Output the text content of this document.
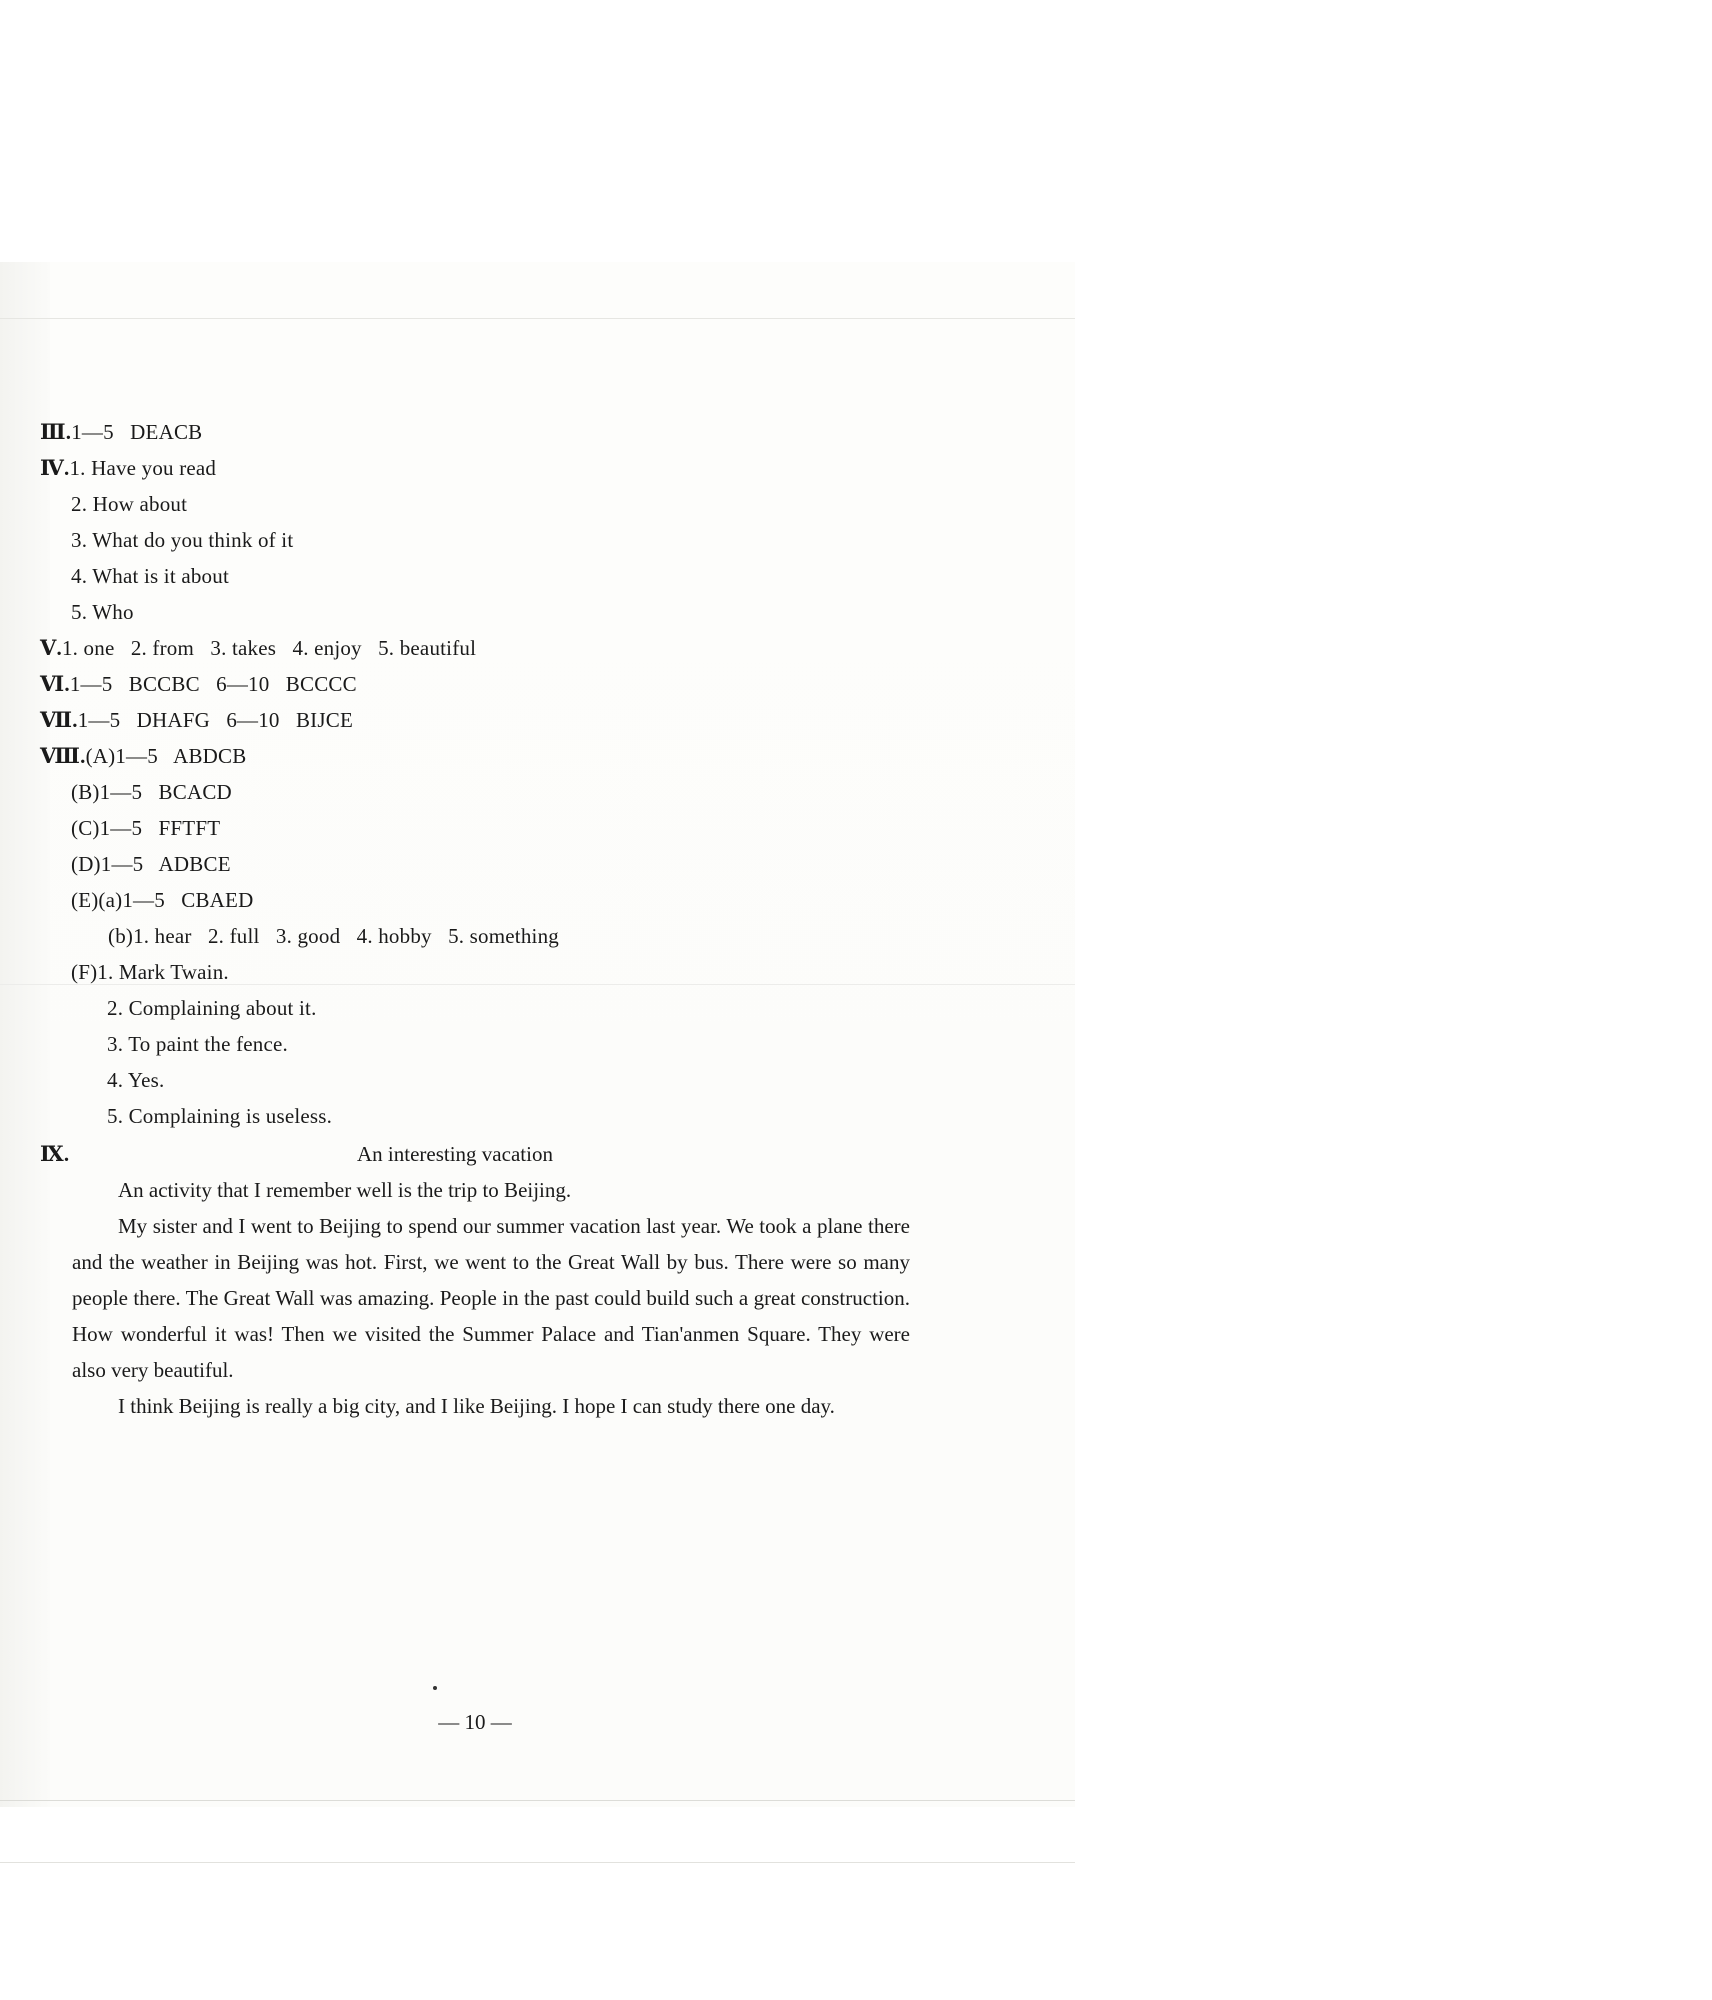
Ⅲ.1—5   DEACB
Ⅳ.1. Have you read
2. How about
3. What do you think of it
4. What is it about
5. Who
Ⅴ.1. one   2. from   3. takes   4. enjoy   5. beautiful
Ⅵ.1—5   BCCBC   6—10   BCCCC
Ⅶ.1—5   DHAFG   6—10   BIJCE
Ⅷ.(A)1—5   ABDCB
(B)1—5   BCACD
(C)1—5   FFTFT
(D)1—5   ADBCE
(E)(a)1—5   CBAED
(b)1. hear   2. full   3. good   4. hobby   5. something
(F)1. Mark Twain.
2. Complaining about it.
3. To paint the fence.
4. Yes.
5. Complaining is useless.
Ⅸ.	An interesting vacation
An activity that I remember well is the trip to Beijing.
My sister and I went to Beijing to spend our summer vacation last year. We took a plane there and the weather in Beijing was hot. First, we went to the Great Wall by bus. There were so many people there. The Great Wall was amazing. People in the past could build such a great construction. How wonderful it was! Then we visited the Summer Palace and Tian'anmen Square. They were also very beautiful.
I think Beijing is really a big city, and I like Beijing. I hope I can study there one day.
— 10 —
